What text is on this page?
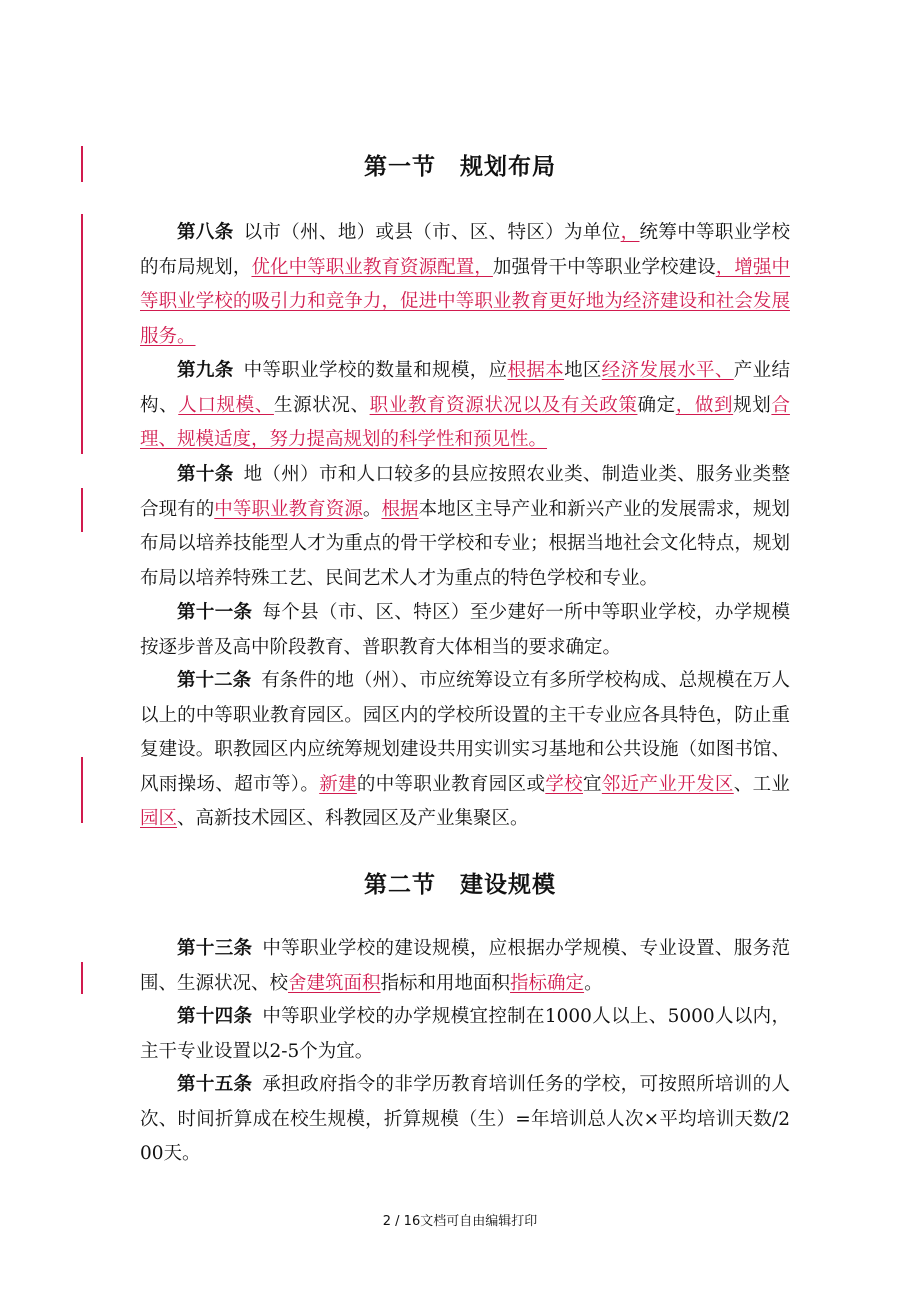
第一节　规划布局

第八条 以市（州、地）或县（市、区、特区）为单位，统筹中等职业学校的布局规划，优化中等职业教育资源配置，加强骨干中等职业学校建设，增强中等职业学校的吸引力和竞争力，促进中等职业教育更好地为经济建设和社会发展服务。

第九条 中等职业学校的数量和规模，应根据本地区经济发展水平、产业结构、人口规模、生源状况、职业教育资源状况以及有关政策确定，做到规划合理、规模适度，努力提高规划的科学性和预见性。

第十条 地（州）市和人口较多的县应按照农业类、制造业类、服务业类整合现有的中等职业教育资源。根据本地区主导产业和新兴产业的发展需求，规划布局以培养技能型人才为重点的骨干学校和专业；根据当地社会文化特点，规划布局以培养特殊工艺、民间艺术人才为重点的特色学校和专业。

第十一条 每个县（市、区、特区）至少建好一所中等职业学校，办学规模按逐步普及高中阶段教育、普职教育大体相当的要求确定。

第十二条 有条件的地（州）、市应统筹设立有多所学校构成、总规模在万人以上的中等职业教育园区。园区内的学校所设置的主干专业应各具特色，防止重复建设。职教园区内应统筹规划建设共用实训实习基地和公共设施（如图书馆、风雨操场、超市等）。新建的中等职业教育园区或学校宜邻近产业开发区、工业园区、高新技术园区、科教园区及产业集聚区。

第二节　建设规模

第十三条 中等职业学校的建设规模，应根据办学规模、专业设置、服务范围、生源状况、校舍建筑面积指标和用地面积指标确定。

第十四条 中等职业学校的办学规模宜控制在1000人以上、5000人以内，主干专业设置以2-5个为宜。

第十五条 承担政府指令的非学历教育培训任务的学校，可按照所培训的人次、时间折算成在校生规模，折算规模（生）=年培训总人次×平均培训天数/200天。

2 / 16文档可自由编辑打印
